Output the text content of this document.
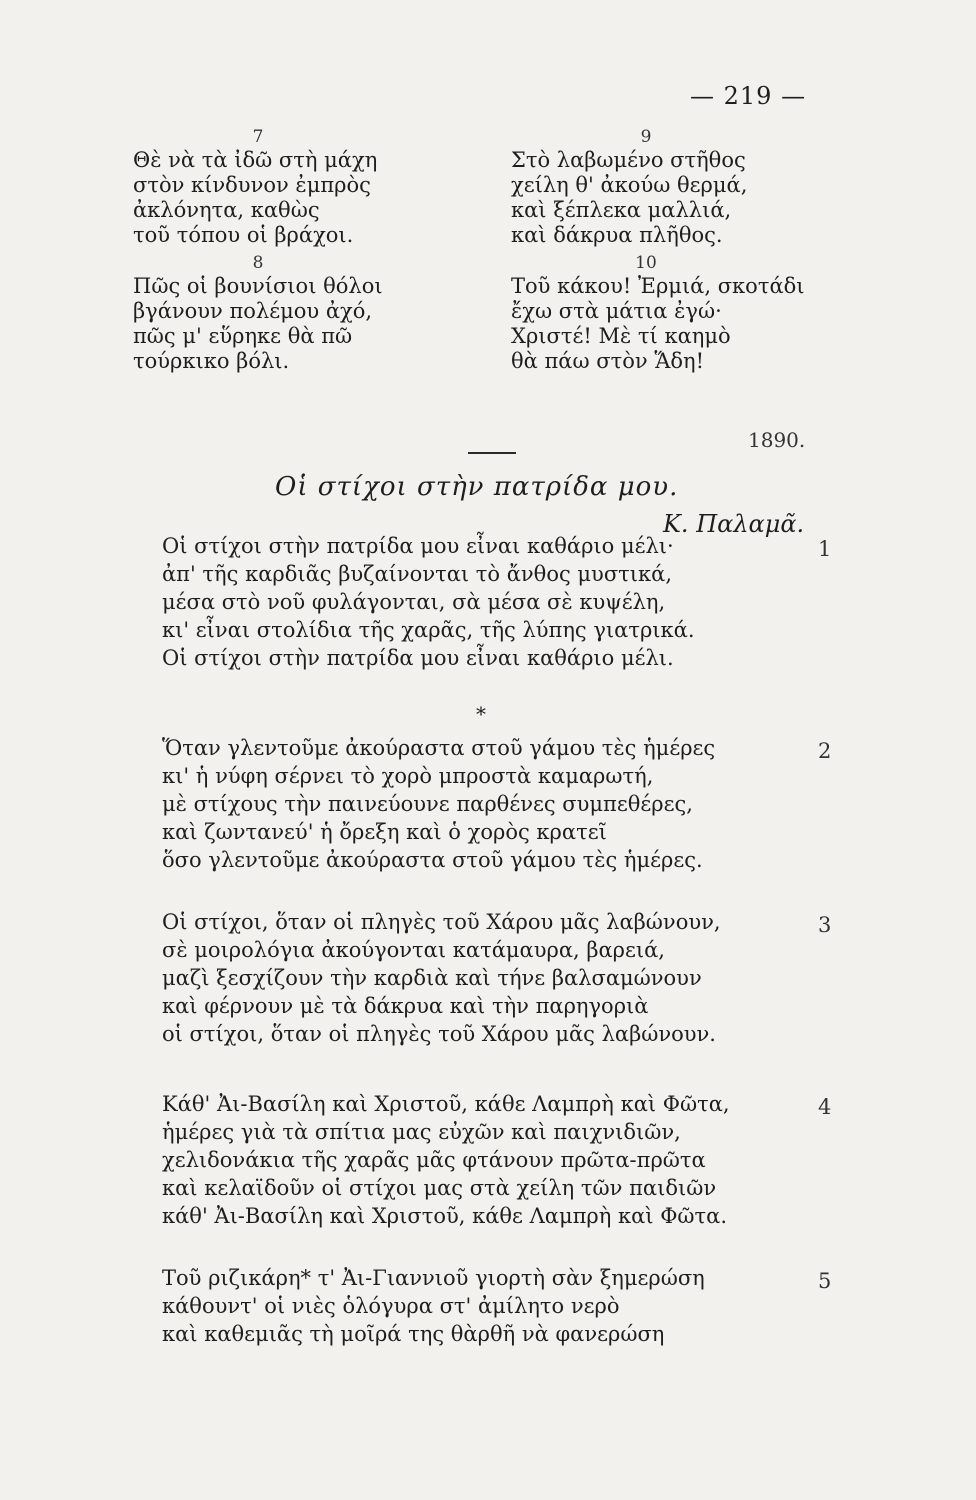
— 219 —
7
Θὲ νὰ τὰ ἰδῶ στὴ μάχη
στὸν κίνδυνον ἐμπρὸς
ἀκλόνητα, καθὼς
τοῦ τόπου οἱ βράχοι.
8
Πῶς οἱ βουνίσιοι θόλοι
βγάνουν πολέμου ἀχό,
πῶς μ' εὕρηκε θὰ πῶ
τούρκικο βόλι.
9
Στὸ λαβωμένο στῆθος
χείλη θ' ἀκούω θερμά,
καὶ ξέπλεκα μαλλιά,
καὶ δάκρυα πλῆθος.
10
Τοῦ κάκου! Ἐρμιά, σκοτάδι
ἔχω στὰ μάτια ἐγώ·
Χριστέ! Μὲ τί καημὸ
θὰ πάω στὸν Ἅδη!
1890.
Οἱ στίχοι στὴν πατρίδα μου.
Κ. Παλαμᾶ.
Οἱ στίχοι στὴν πατρίδα μου εἶναι καθάριο μέλι·
ἀπ' τῆς καρδιᾶς βυζαίνονται τὸ ἄνθος μυστικά,
μέσα στὸ νοῦ φυλάγονται, σὰ μέσα σὲ κυψέλη,
κι' εἶναι στολίδια τῆς χαρᾶς, τῆς λύπης γιατρικά.
Οἱ στίχοι στὴν πατρίδα μου εἶναι καθάριο μέλι.
1
*
Ὅταν γλεντοῦμε ἀκούραστα στοῦ γάμου τὲς ἡμέρες
κι' ἡ νύφη σέρνει τὸ χορὸ μπροστὰ καμαρωτή,
μὲ στίχους τὴν παινεύουνε παρθένες συμπεθέρες,
καὶ ζωντανεύ' ἡ ὄρεξη καὶ ὁ χορὸς κρατεῖ
ὅσο γλεντοῦμε ἀκούραστα στοῦ γάμου τὲς ἡμέρες.
2
Οἱ στίχοι, ὅταν οἱ πληγὲς τοῦ Χάρου μᾶς λαβώνουν,
σὲ μοιρολόγια ἀκούγονται κατάμαυρα, βαρειά,
μαζὶ ξεσχίζουν τὴν καρδιὰ καὶ τήνε βαλσαμώνουν
καὶ φέρνουν μὲ τὰ δάκρυα καὶ τὴν παρηγοριὰ
οἱ στίχοι, ὅταν οἱ πληγὲς τοῦ Χάρου μᾶς λαβώνουν.
3
Κάθ' Ἀι-Βασίλη καὶ Χριστοῦ, κάθε Λαμπρὴ καὶ Φῶτα,
ἡμέρες γιὰ τὰ σπίτια μας εὐχῶν καὶ παιχνιδιῶν,
χελιδονάκια τῆς χαρᾶς μᾶς φτάνουν πρῶτα-πρῶτα
καὶ κελαϊδοῦν οἱ στίχοι μας στὰ χείλη τῶν παιδιῶν
κάθ' Ἀι-Βασίλη καὶ Χριστοῦ, κάθε Λαμπρὴ καὶ Φῶτα.
4
Τοῦ ριζικάρη* τ' Ἀι-Γιαννιοῦ γιορτὴ σὰν ξημερώση
κάθουντ' οἱ νιὲς ὁλόγυρα στ' ἀμίλητο νερὸ
καὶ καθεμιᾶς τὴ μοῖρά της θὰρθῆ νὰ φανερώση
5
